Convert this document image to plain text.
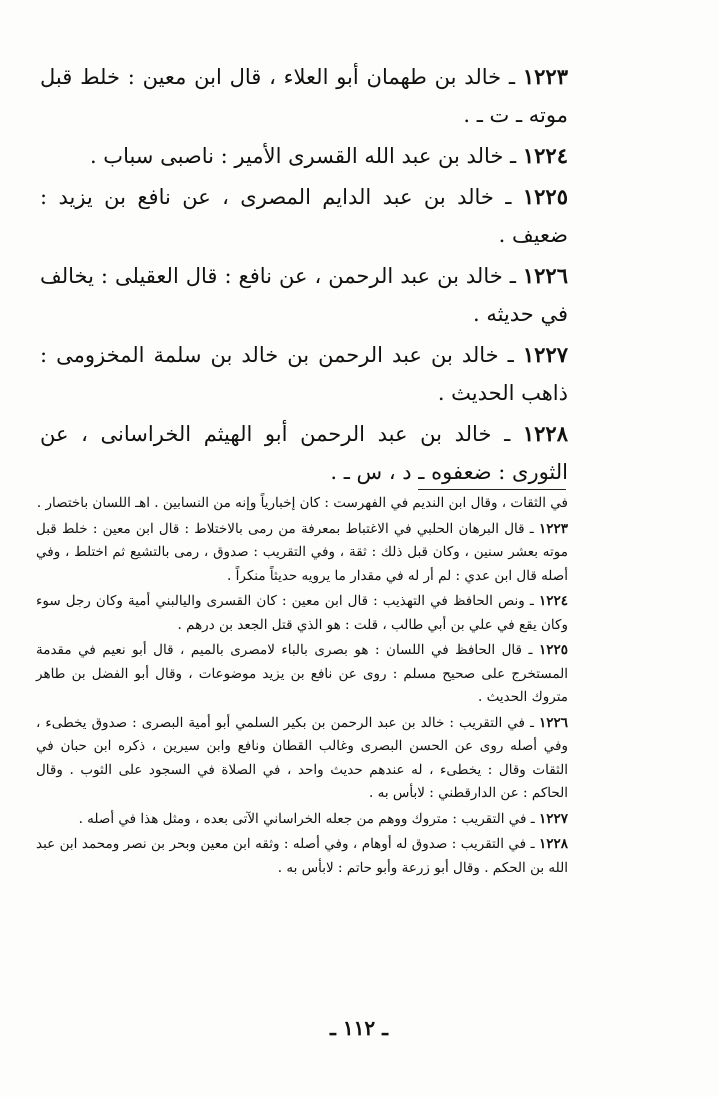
١٢٢٣ ـ خالد بن طهمان أبو العلاء ، قال ابن معين : خلط قبل موته ـ ت ـ .

١٢٢٤ ـ خالد بن عبد الله القسرى الأمير : ناصبى سباب .

١٢٢٥ ـ خالد بن عبد الدايم المصرى ، عن نافع بن يزيد : ضعيف .

١٢٢٦ ـ خالد بن عبد الرحمن ، عن نافع : قال العقيلى : يخالف في حديثه .

١٢٢٧ ـ خالد بن عبد الرحمن بن خالد بن سلمة المخزومى : ذاهب الحديث .

١٢٢٨ ـ خالد بن عبد الرحمن أبو الهيثم الخراسانى ، عن الثورى : ضعفوه ـ د ، س ـ .

في الثقات ، وقال ابن النديم في الفهرست : كان إخبارياً وإنه من النسابين . اهـ اللسان باختصار .

١٢٢٣ ـ قال البرهان الحلبي في الاغتباط بمعرفة من رمى بالاختلاط : قال ابن معين : خلط قبل موته بعشر سنين ، وكان قبل ذلك : ثقة ، وفي التقريب : صدوق ، رمى بالتشيع ثم اختلط ، وفي أصله قال ابن عدي : لم أر له في مقدار ما يرويه حديثاً منكراً .

١٢٢٤ ـ ونص الحافظ في التهذيب : قال ابن معين : كان القسرى واليالبني أمية وكان رجل سوء وكان يقع في علي بن أبي طالب ، قلت : هو الذي قتل الجعد بن درهم .

١٢٢٥ ـ قال الحافظ في اللسان : هو بصرى بالباء لامصرى بالميم ، قال أبو نعيم في مقدمة المستخرج على صحيح مسلم : روى عن نافع بن يزيد موضوعات ، وقال أبو الفضل بن طاهر متروك الحديث .

١٢٢٦ ـ في التقريب : خالد بن عبد الرحمن بن بكير السلمي أبو أمية البصرى : صدوق يخطىء ، وفي أصله روى عن الحسن البصرى وغالب القطان ونافع وابن سيرين ، ذكره ابن حبان في الثقات وقال : يخطىء ، له عندهم حديث واحد ، في الصلاة في السجود على الثوب . وقال الحاكم : عن الدارقطني : لابأس به .

١٢٢٧ ـ في التقريب : متروك ووهم من جعله الخراساني الآتى بعده ، ومثل هذا في أصله .

١٢٢٨ ـ في التقريب : صدوق له أوهام ، وفي أصله : وثقه ابن معين وبحر بن نصر ومحمد ابن عبد الله بن الحكم . وقال أبو زرعة وأبو حاتم : لابأس به .

ـ ١١٢ ـ
